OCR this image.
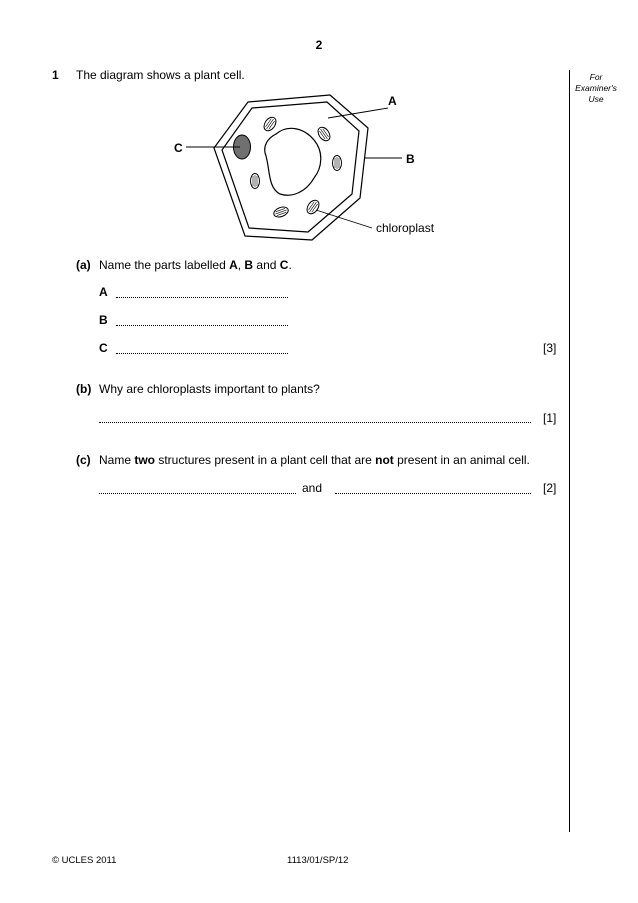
2
For
Examiner's
Use
1 The diagram shows a plant cell.
A
B
C
chloroplast
(a) Name the parts labelled A, B and C.
A
B
C	[3]
(b) Why are chloroplasts important to plants?
[1]
(c) Name two structures present in a plant cell that are not present in an animal cell.
and	[2]
© UCLES 2011	1113/01/SP/12
